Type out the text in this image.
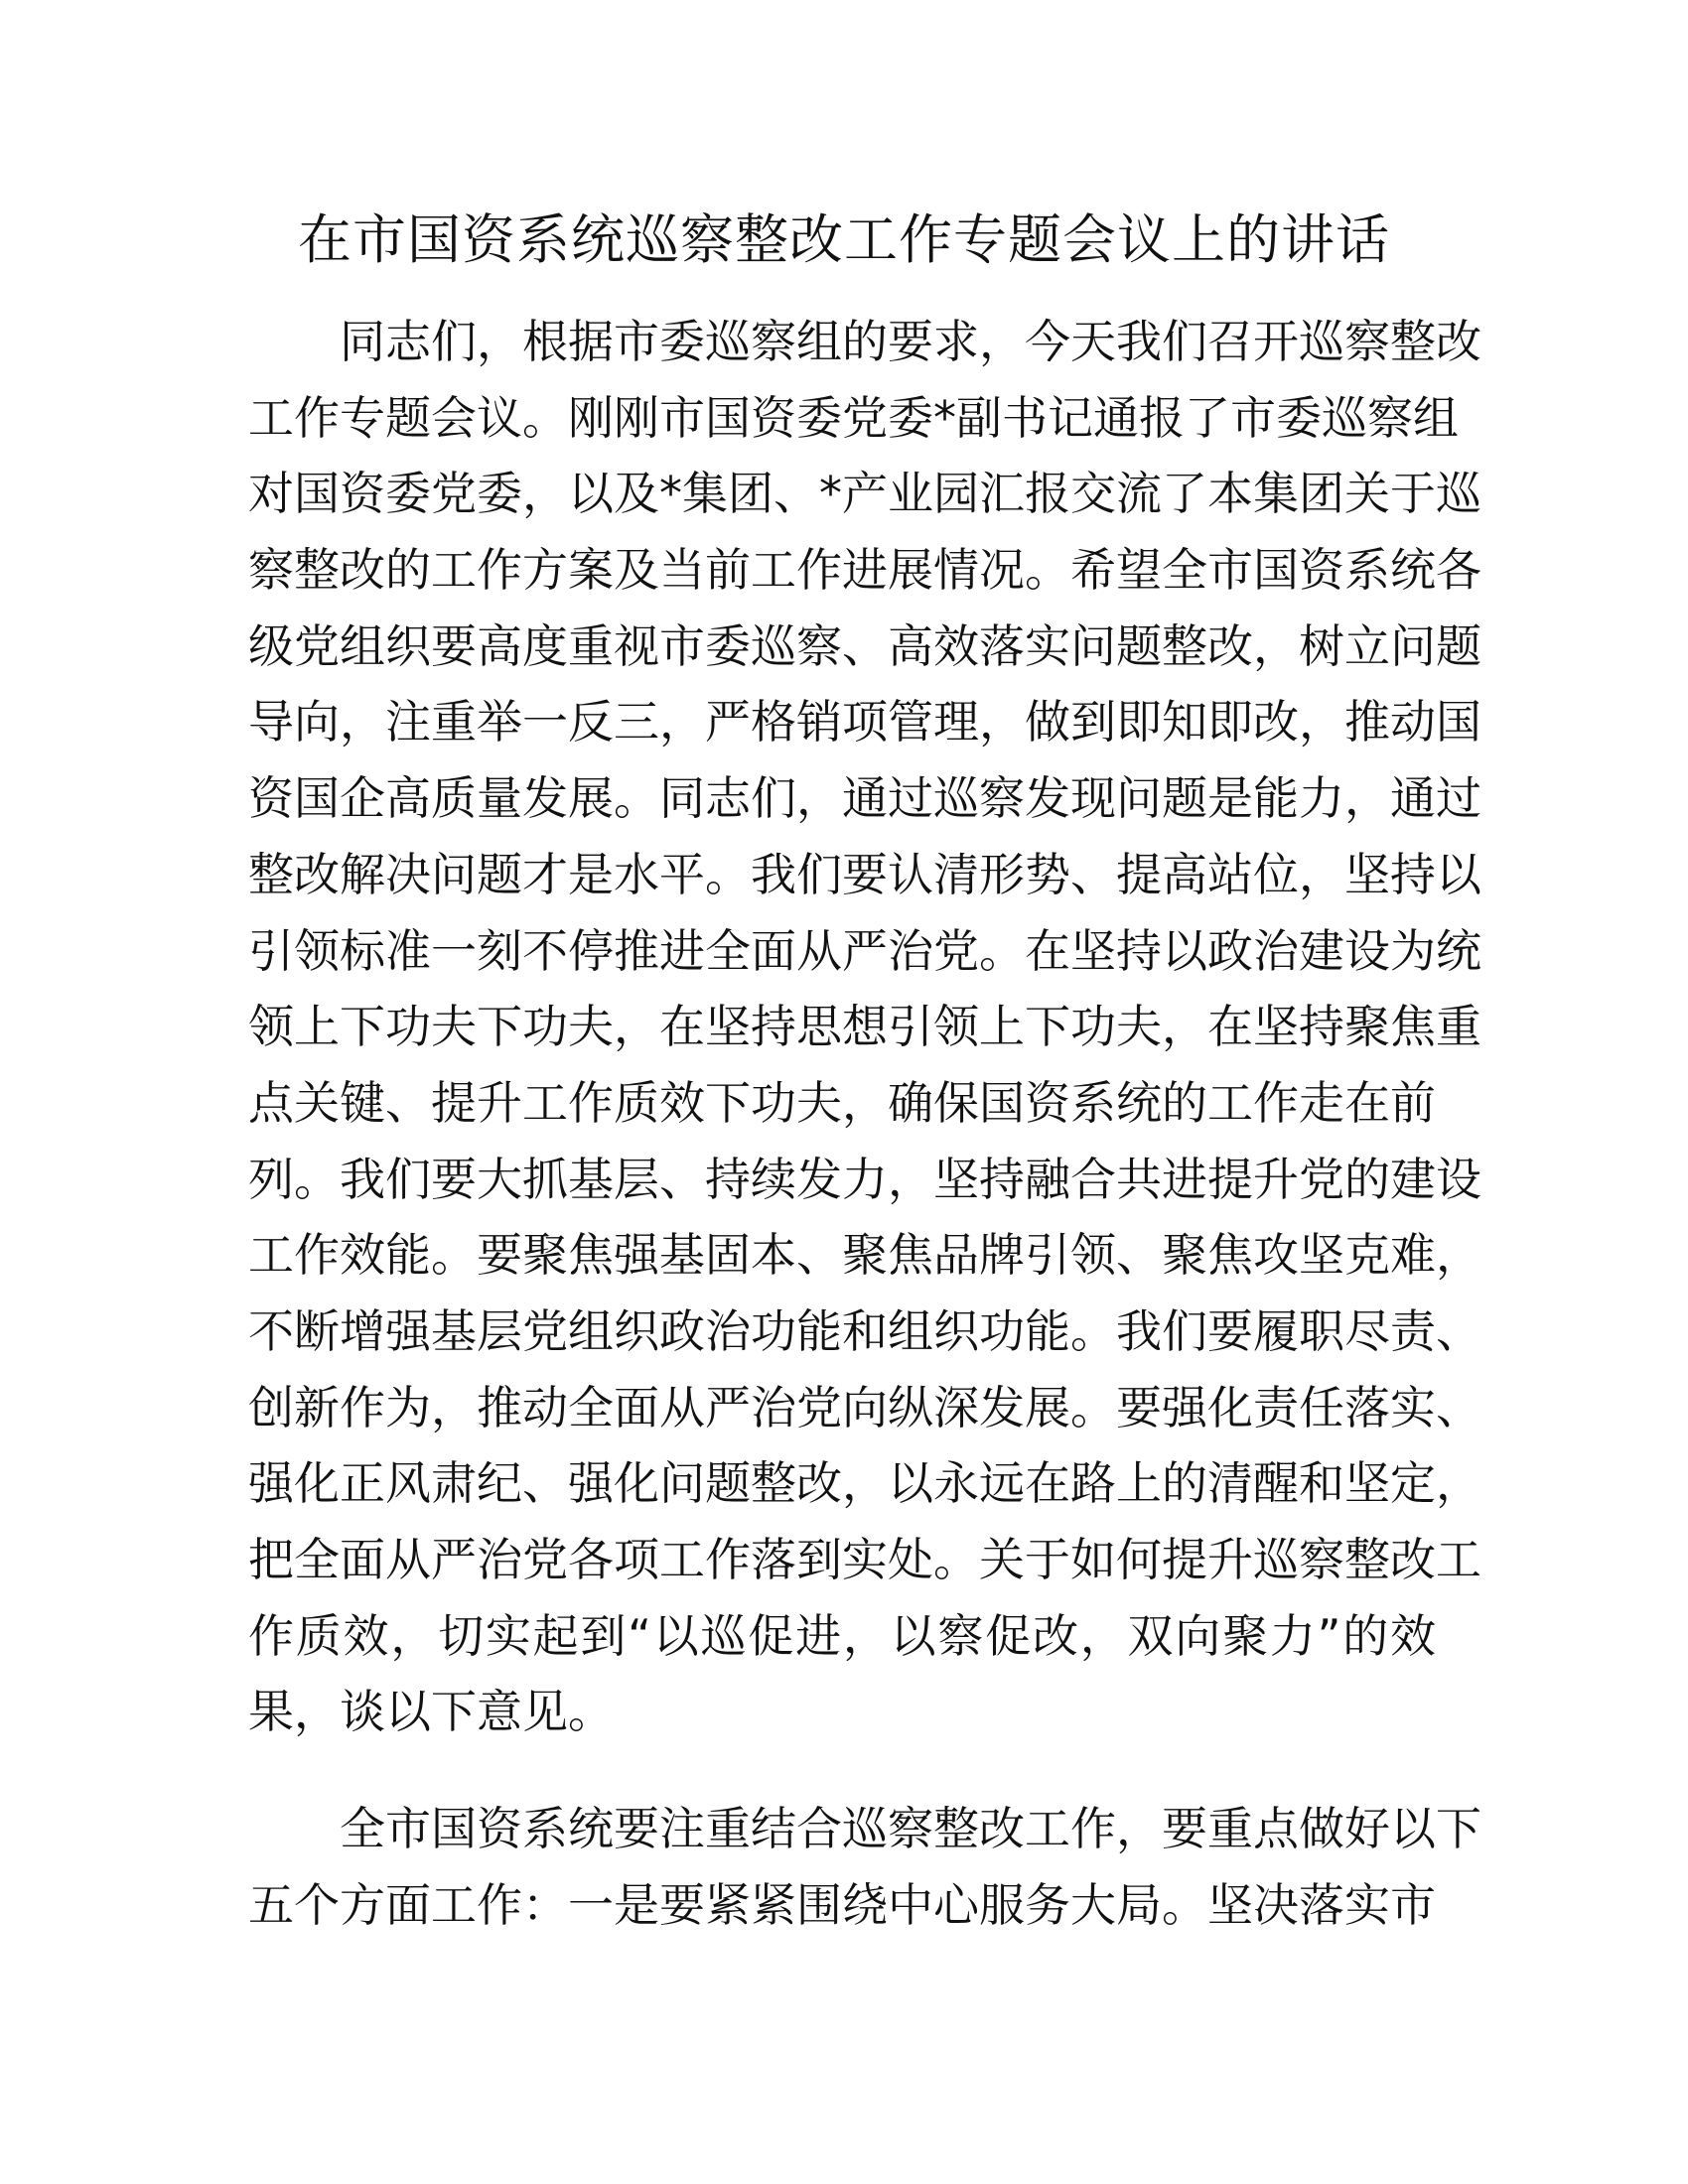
在市国资系统巡察整改工作专题会议上的讲话
同志们，根据市委巡察组的要求，今天我们召开巡察整改
工作专题会议。刚刚市国资委党委*副书记通报了市委巡察组
对国资委党委，以及*集团、*产业园汇报交流了本集团关于巡
察整改的工作方案及当前工作进展情况。希望全市国资系统各
级党组织要高度重视市委巡察、高效落实问题整改，树立问题
导向，注重举一反三，严格销项管理，做到即知即改，推动国
资国企高质量发展。同志们，通过巡察发现问题是能力，通过
整改解决问题才是水平。我们要认清形势、提高站位，坚持以
引领标准一刻不停推进全面从严治党。在坚持以政治建设为统
领上下功夫下功夫，在坚持思想引领上下功夫，在坚持聚焦重
点关键、提升工作质效下功夫，确保国资系统的工作走在前
列。我们要大抓基层、持续发力，坚持融合共进提升党的建设
工作效能。要聚焦强基固本、聚焦品牌引领、聚焦攻坚克难，
不断增强基层党组织政治功能和组织功能。我们要履职尽责、
创新作为，推动全面从严治党向纵深发展。要强化责任落实、
强化正风肃纪、强化问题整改，以永远在路上的清醒和坚定，
把全面从严治党各项工作落到实处。关于如何提升巡察整改工
作质效，切实起到“以巡促进，以察促改，双向聚力”的效
果，谈以下意见。
全市国资系统要注重结合巡察整改工作，要重点做好以下
五个方面工作：一是要紧紧围绕中心服务大局。坚决落实市
